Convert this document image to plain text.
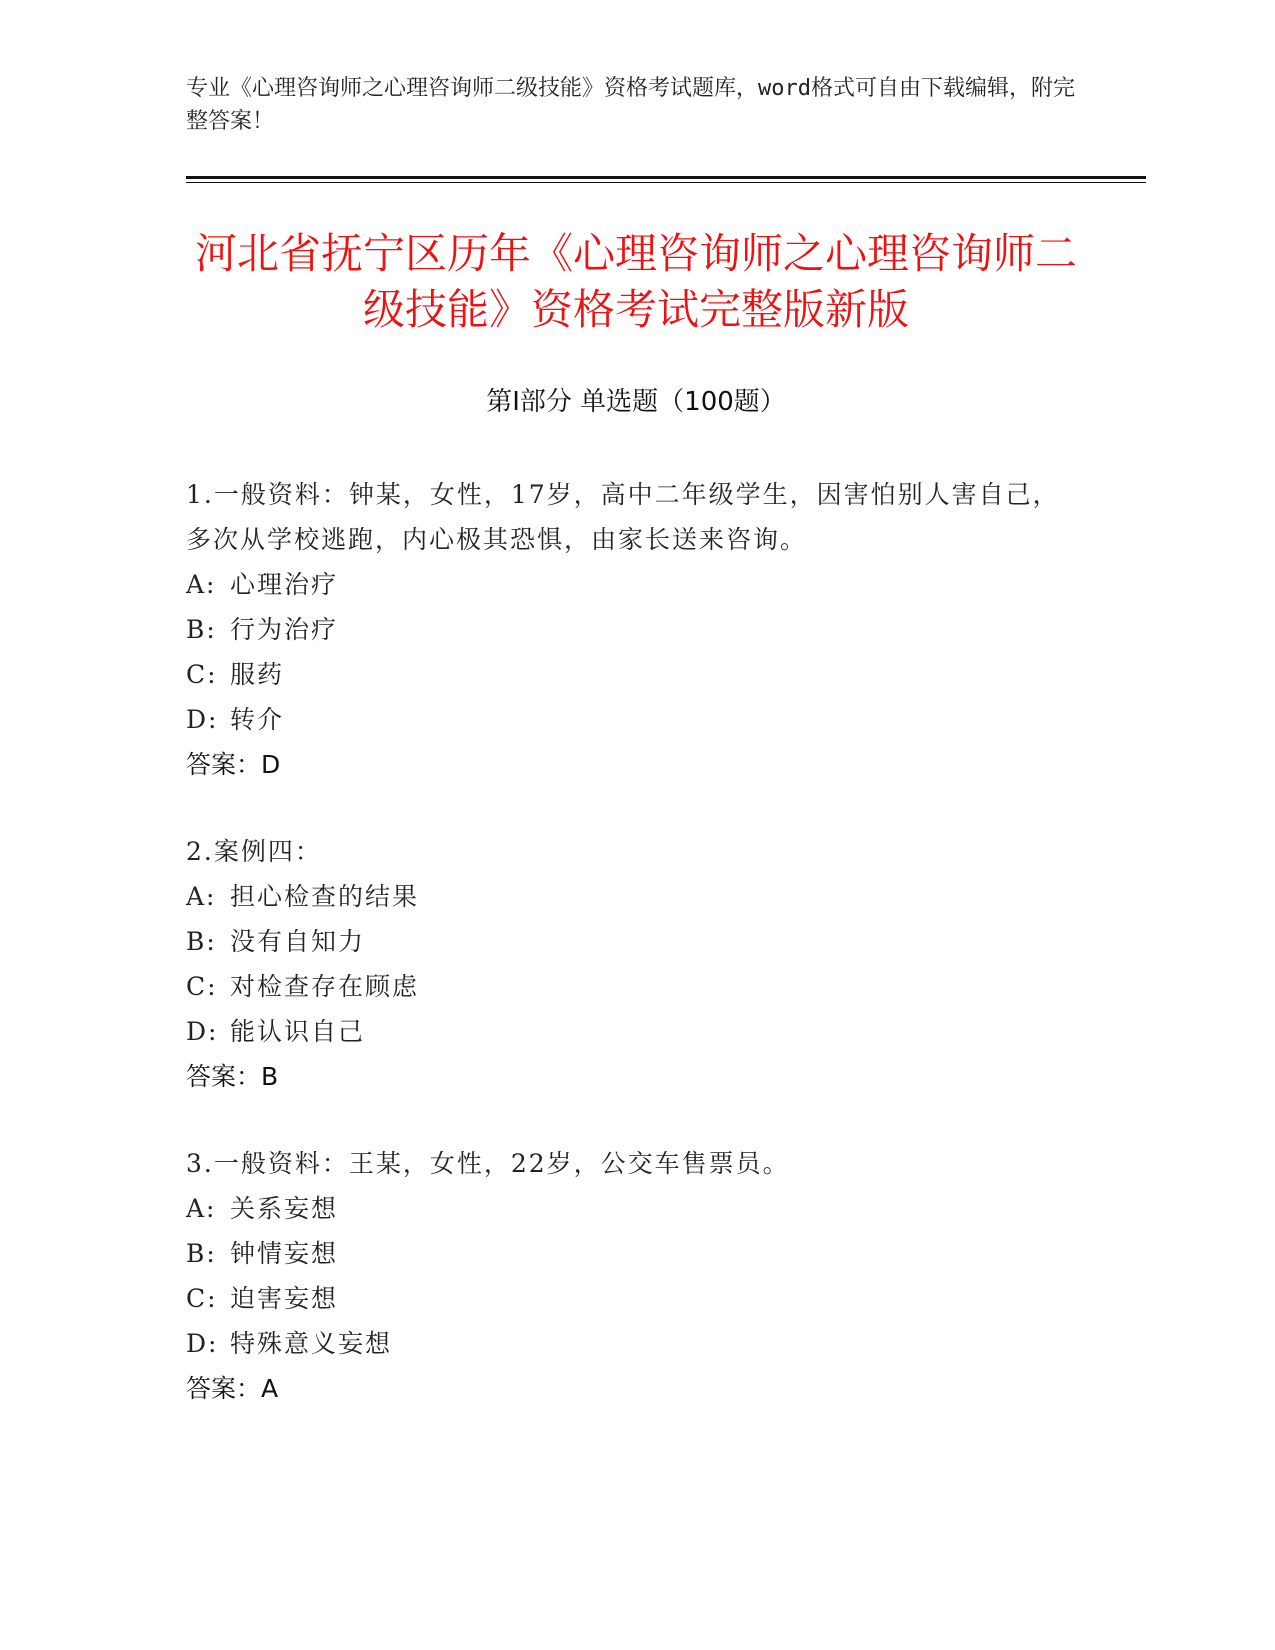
专业《心理咨询师之心理咨询师二级技能》资格考试题库，word格式可自由下载编辑，附完整答案！
河北省抚宁区历年《心理咨询师之心理咨询师二级技能》资格考试完整版新版
第Ⅰ部分 单选题（100题）
1.一般资料：钟某，女性，17岁，高中二年级学生，因害怕别人害自己，多次从学校逃跑，内心极其恐惧，由家长送来咨询。
A: 心理治疗
B: 行为治疗
C: 服药
D: 转介
答案：D
2.案例四：
A: 担心检查的结果
B: 没有自知力
C: 对检查存在顾虑
D: 能认识自己
答案：B
3.一般资料：王某，女性，22岁，公交车售票员。
A: 关系妄想
B: 钟情妄想
C: 迫害妄想
D: 特殊意义妄想
答案：A
